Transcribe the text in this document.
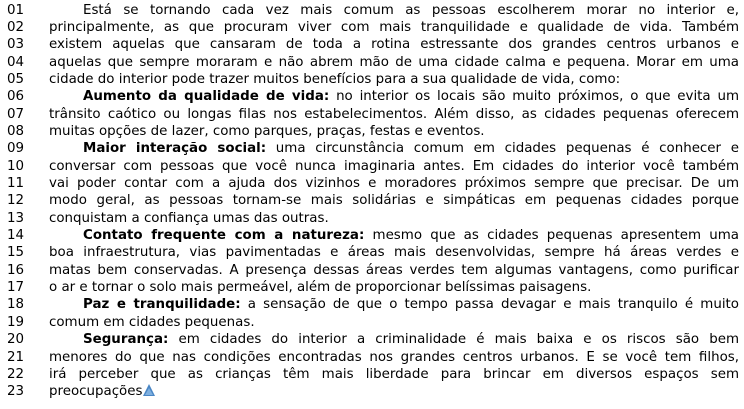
01	Está se tornando cada vez mais comum as pessoas escolherem morar no interior e,
02	principalmente, as que procuram viver com mais tranquilidade e qualidade de vida. Também
03	existem aquelas que cansaram de toda a rotina estressante dos grandes centros urbanos e
04	aquelas que sempre moraram e não abrem mão de uma cidade calma e pequena. Morar em uma
05	cidade do interior pode trazer muitos benefícios para a sua qualidade de vida, como:
06	Aumento da qualidade de vida: no interior os locais são muito próximos, o que evita um
07	trânsito caótico ou longas filas nos estabelecimentos. Além disso, as cidades pequenas oferecem
08	muitas opções de lazer, como parques, praças, festas e eventos.
09	Maior interação social: uma circunstância comum em cidades pequenas é conhecer e
10	conversar com pessoas que você nunca imaginaria antes. Em cidades do interior você também
11	vai poder contar com a ajuda dos vizinhos e moradores próximos sempre que precisar. De um
12	modo geral, as pessoas tornam-se mais solidárias e simpáticas em pequenas cidades porque
13	conquistam a confiança umas das outras.
14	Contato frequente com a natureza: mesmo que as cidades pequenas apresentem uma
15	boa infraestrutura, vias pavimentadas e áreas mais desenvolvidas, sempre há áreas verdes e
16	matas bem conservadas. A presença dessas áreas verdes tem algumas vantagens, como purificar
17	o ar e tornar o solo mais permeável, além de proporcionar belíssimas paisagens.
18	Paz e tranquilidade: a sensação de que o tempo passa devagar e mais tranquilo é muito
19	comum em cidades pequenas.
20	Segurança: em cidades do interior a criminalidade é mais baixa e os riscos são bem
21	menores do que nas condições encontradas nos grandes centros urbanos. E se você tem filhos,
22	irá perceber que as crianças têm mais liberdade para brincar em diversos espaços sem
23	preocupações
